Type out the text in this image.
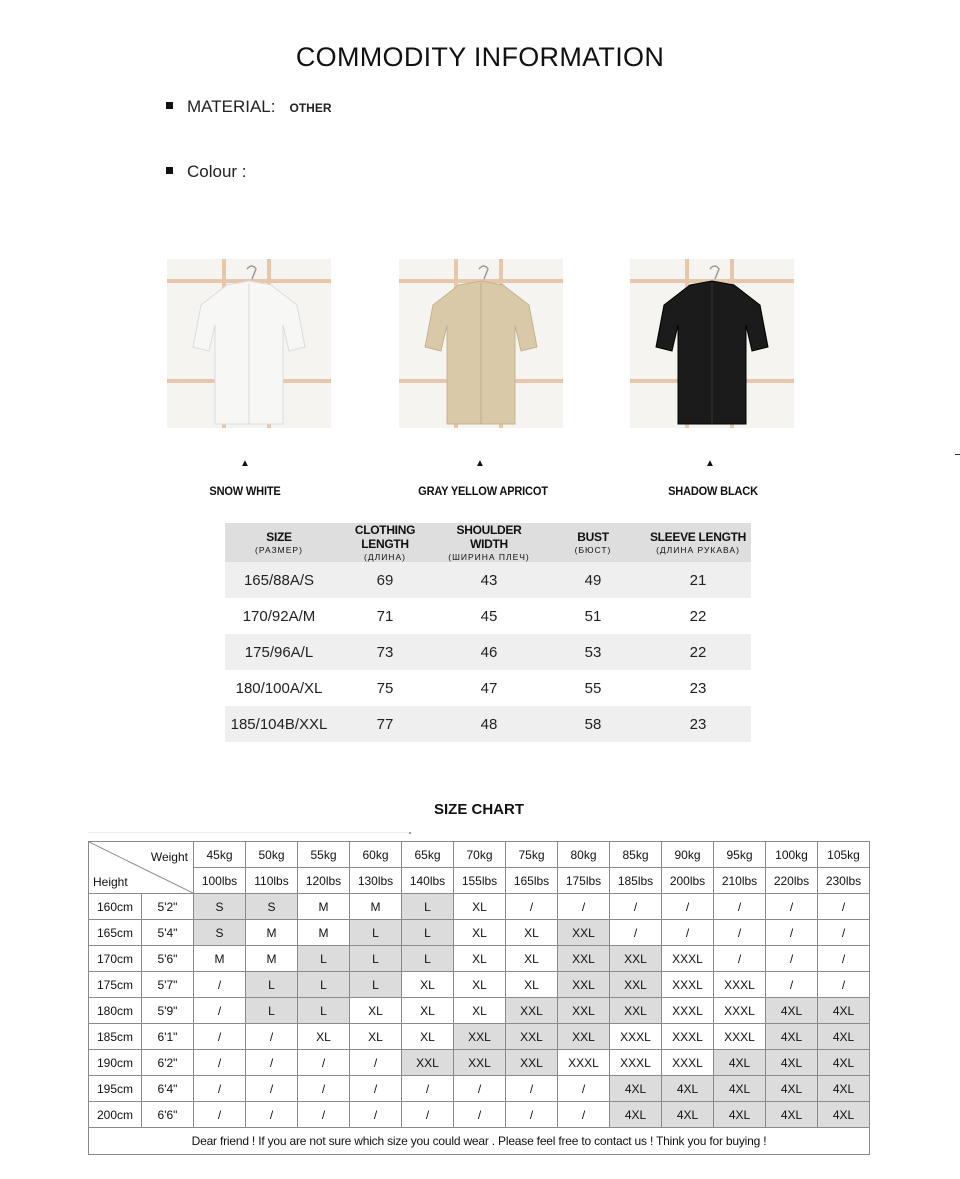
COMMODITY INFORMATION
MATERIAL: OTHER
Colour :
▲	▲	▲
SNOW WHITE	GRAY YELLOW APRICOT	SHADOW BLACK
SIZE
(РАЗМЕР)	CLOTHING LENGTH
(ДЛИНА)	SHOULDER WIDTH
(ШИРИНА ПЛЕЧ)	BUST
(БЮСТ)	SLEEVE LENGTH
(ДЛИНА РУКАВА)

165/88A/S	69	43	49	21
170/92A/M	71	45	51	22
175/96A/L	73	46	53	22
180/100A/XL	75	47	55	23
185/104B/XXL	77	48	58	23
SIZE CHART
Weight
Height		45kg	50kg	55kg	60kg	65kg	70kg	75kg	80kg	85kg	90kg	95kg	100kg	105kg
		100lbs	110lbs	120lbs	130lbs	140lbs	155lbs	165lbs	175lbs	185lbs	200lbs	210lbs	220lbs	230lbs
160cm	5'2"	S	S	M	M	L	XL	/	/	/	/	/	/	/
165cm	5'4"	S	M	M	L	L	XL	XL	XXL	/	/	/	/	/
170cm	5'6"	M	M	L	L	L	XL	XL	XXL	XXL	XXXL	/	/	/
175cm	5'7"	/	L	L	L	XL	XL	XL	XXL	XXL	XXXL	XXXL	/	/
180cm	5'9"	/	L	L	XL	XL	XL	XXL	XXL	XXL	XXXL	XXXL	4XL	4XL
185cm	6'1"	/	/	XL	XL	XL	XXL	XXL	XXL	XXXL	XXXL	XXXL	4XL	4XL
190cm	6'2"	/	/	/	/	XXL	XXL	XXL	XXXL	XXXL	XXXL	4XL	4XL	4XL
195cm	6'4"	/	/	/	/	/	/	/	/	4XL	4XL	4XL	4XL	4XL
200cm	6'6"	/	/	/	/	/	/	/	/	4XL	4XL	4XL	4XL	4XL
Dear friend ! If you are not sure which size you could wear . Please feel free to contact us ! Think you for buying !														
